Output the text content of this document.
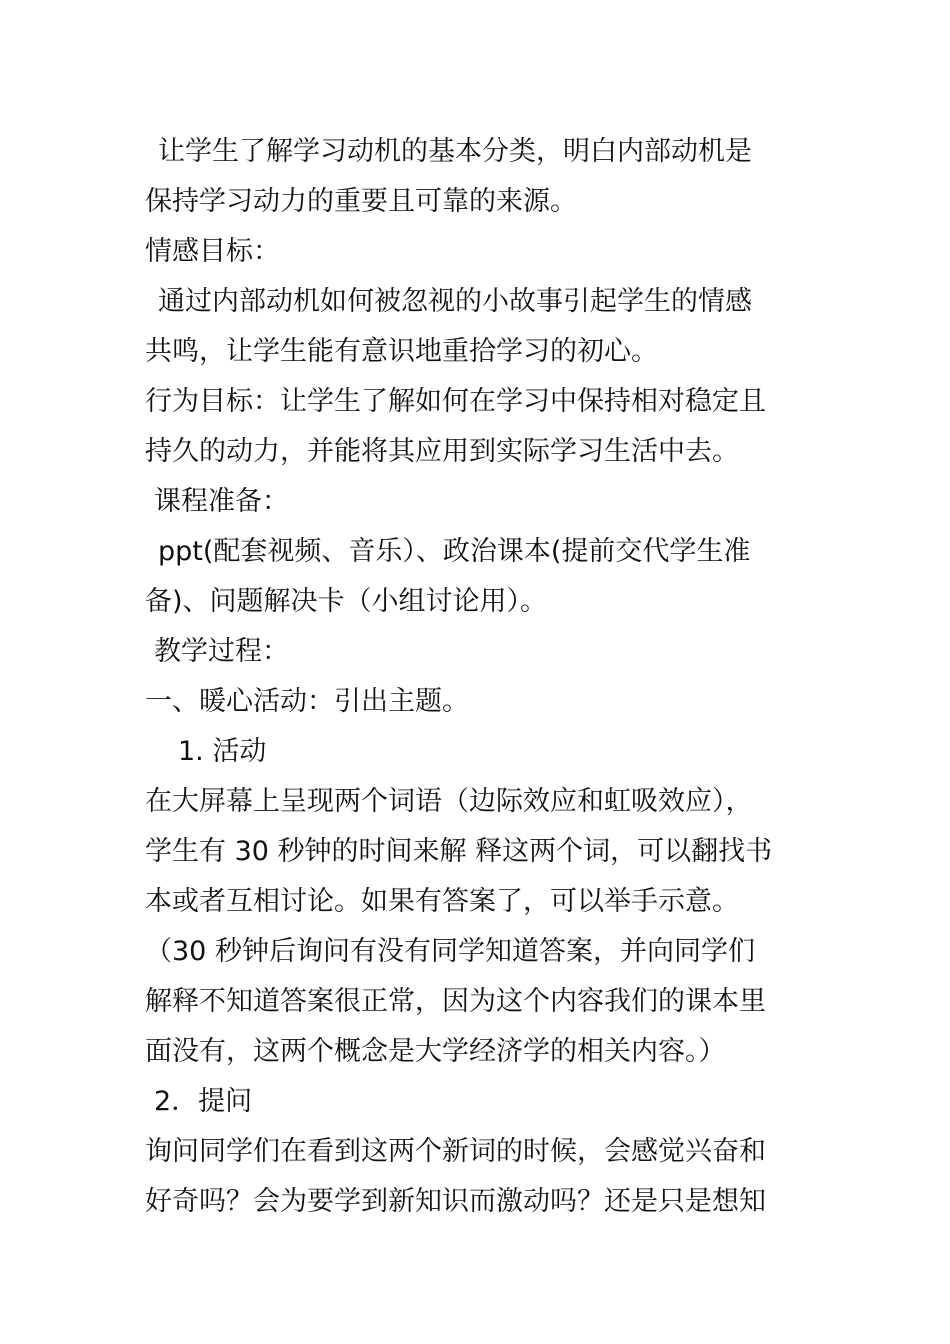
让学生了解学习动机的基本分类，明白内部动机是
保持学习动力的重要且可靠的来源。
情感目标：
通过内部动机如何被忽视的小故事引起学生的情感
共鸣，让学生能有意识地重拾学习的初心。
行为目标：让学生了解如何在学习中保持相对稳定且
持久的动力，并能将其应用到实际学习生活中去。
课程准备：
ppt(配套视频、音乐）、政治课本(提前交代学生准
备)、问题解决卡（小组讨论用）。
教学过程：
一、暖心活动：引出主题。
1. 活动
在大屏幕上呈现两个词语（边际效应和虹吸效应），
学生有 30 秒钟的时间来解 释这两个词，可以翻找书
本或者互相讨论。如果有答案了，可以举手示意。
（30 秒钟后询问有没有同学知道答案，并向同学们
解释不知道答案很正常，因为这个内容我们的课本里
面没有，这两个概念是大学经济学的相关内容。）
2．提问
询问同学们在看到这两个新词的时候，会感觉兴奋和
好奇吗？会为要学到新知识而激动吗？还是只是想知
